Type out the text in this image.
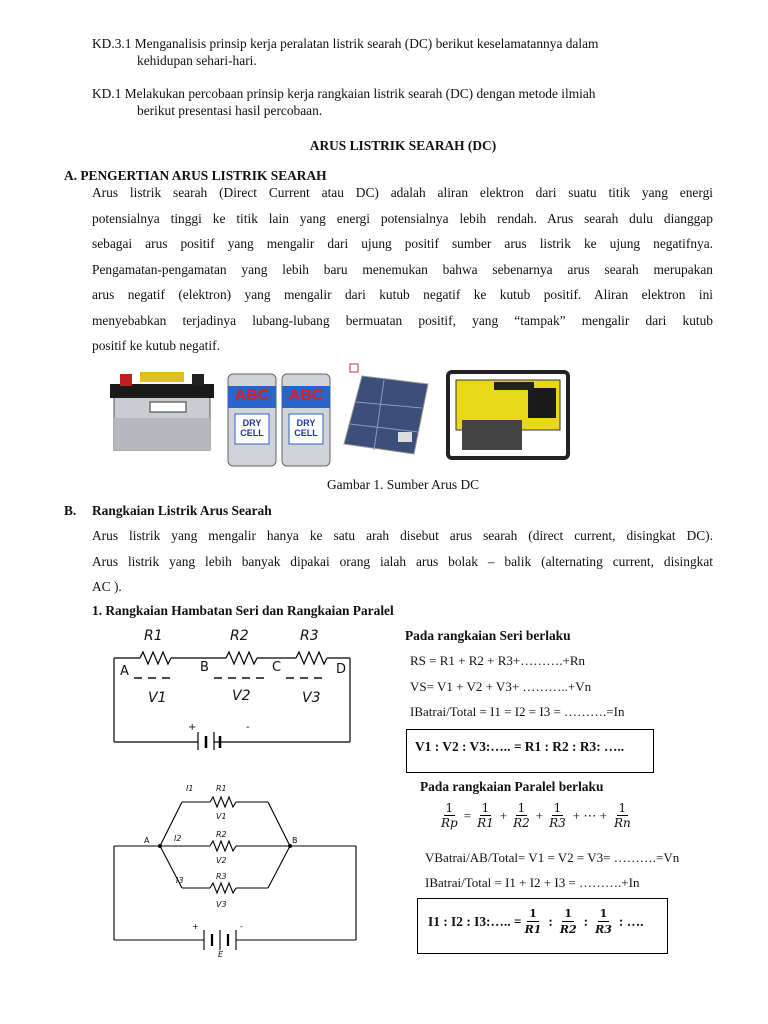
KD.3.1 Menganalisis prinsip kerja peralatan listrik searah (DC) berikut keselamatannya dalam
kehidupan sehari-hari.
KD.1 Melakukan percobaan prinsip kerja rangkaian listrik searah (DC) dengan metode ilmiah
berikut presentasi hasil percobaan.
ARUS LISTRIK SEARAH (DC)
A. PENGERTIAN ARUS LISTRIK SEARAH
Arus listrik searah (Direct Current atau DC) adalah aliran elektron dari suatu titik yang energi
potensialnya tinggi ke titik lain yang energi potensialnya lebih rendah. Arus searah dulu dianggap
sebagai arus positif yang mengalir dari ujung positif sumber arus listrik ke ujung negatifnya.
Pengamatan-pengamatan yang lebih baru menemukan bahwa sebenarnya arus searah merupakan
arus negatif (elektron) yang mengalir dari kutub negatif ke kutub positif. Aliran elektron ini
menyebabkan terjadinya lubang-lubang bermuatan positif, yang “tampak” mengalir dari kutub
positif ke kutub negatif.
ABC ABC
DRY CELL
DRY CELL
Gambar 1. Sumber Arus DC
B. Rangkaian Listrik Arus Searah
Arus listrik yang mengalir hanya ke satu arah disebut arus searah (direct current, disingkat DC).
Arus listrik yang lebih banyak dipakai orang ialah arus bolak – balik (alternating current, disingkat
AC ).
1. Rangkaian Hambatan Seri dan Rangkaian Paralel
R1	R2	R3
A	B	C	D
V1	V2	V3
+	-
Pada rangkaian Seri berlaku
RS = R1 + R2 + R3+……….+Rn
VS= V1 + V2 + V3+ ………..+Vn
IBatrai/Total = I1 = I2 = I3 = ……….=In
V1 : V2 : V3:….. = R1 : R2 : R3: …..
I1	R1
V1
I2	R2
V2
I3	R3
V3
A	B
+	-
E
Pada rangkaian Paralel berlaku
$\frac{1}{Rp} = \frac{1}{R1} + \frac{1}{R2} + \frac{1}{R3}$ + ⋯ + $\frac{1}{Rn}$
VBatrai/AB/Total= V1 = V2 = V3= ……….=Vn
IBatrai/Total = I1 + I2 + I3 = ……….+In
I1 : I2 : I3:….. = $\frac{1}{R1}$ : $\frac{1}{R2}$ : $\frac{1}{R3}$ : ….
